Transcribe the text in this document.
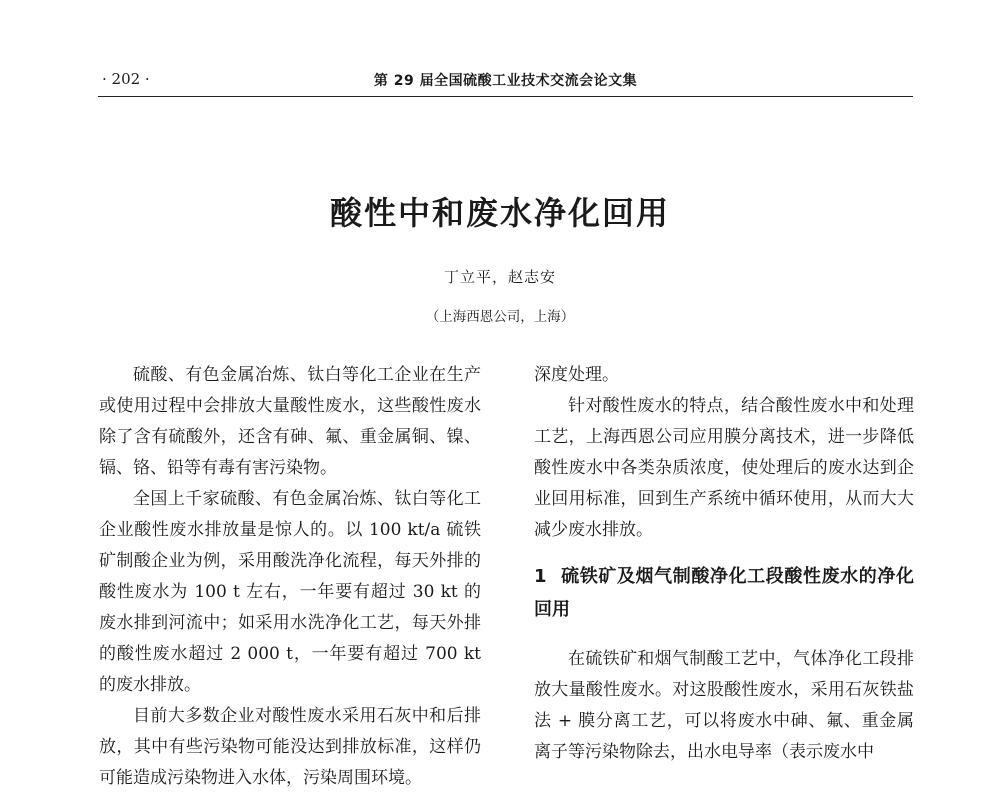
· 202 ·	第 29 届全国硫酸工业技术交流会论文集
酸性中和废水净化回用
丁立平，赵志安
（上海西恩公司，上海）

硫酸、有色金属冶炼、钛白等化工企业在生产或使用过程中会排放大量酸性废水，这些酸性废水除了含有硫酸外，还含有砷、氟、重金属铜、镍、镉、铬、铅等有毒有害污染物。

全国上千家硫酸、有色金属冶炼、钛白等化工企业酸性废水排放量是惊人的。以 100 kt/a 硫铁矿制酸企业为例，采用酸洗净化流程，每天外排的酸性废水为 100 t 左右，一年要有超过 30 kt 的废水排到河流中；如采用水洗净化工艺，每天外排的酸性废水超过 2 000 t，一年要有超过 700 kt 的废水排放。

目前大多数企业对酸性废水采用石灰中和后排放，其中有些污染物可能没达到排放标准，这样仍可能造成污染物进入水体，污染周围环境。

深度处理。

针对酸性废水的特点，结合酸性废水中和处理工艺，上海西恩公司应用膜分离技术，进一步降低酸性废水中各类杂质浓度，使处理后的废水达到企业回用标准，回到生产系统中循环使用，从而大大减少废水排放。

1 硫铁矿及烟气制酸净化工段酸性废水的净化回用

在硫铁矿和烟气制酸工艺中，气体净化工段排放大量酸性废水。对这股酸性废水，采用石灰铁盐法 + 膜分离工艺，可以将废水中砷、氟、重金属离子等污染物除去，出水电导率（表示废水中
